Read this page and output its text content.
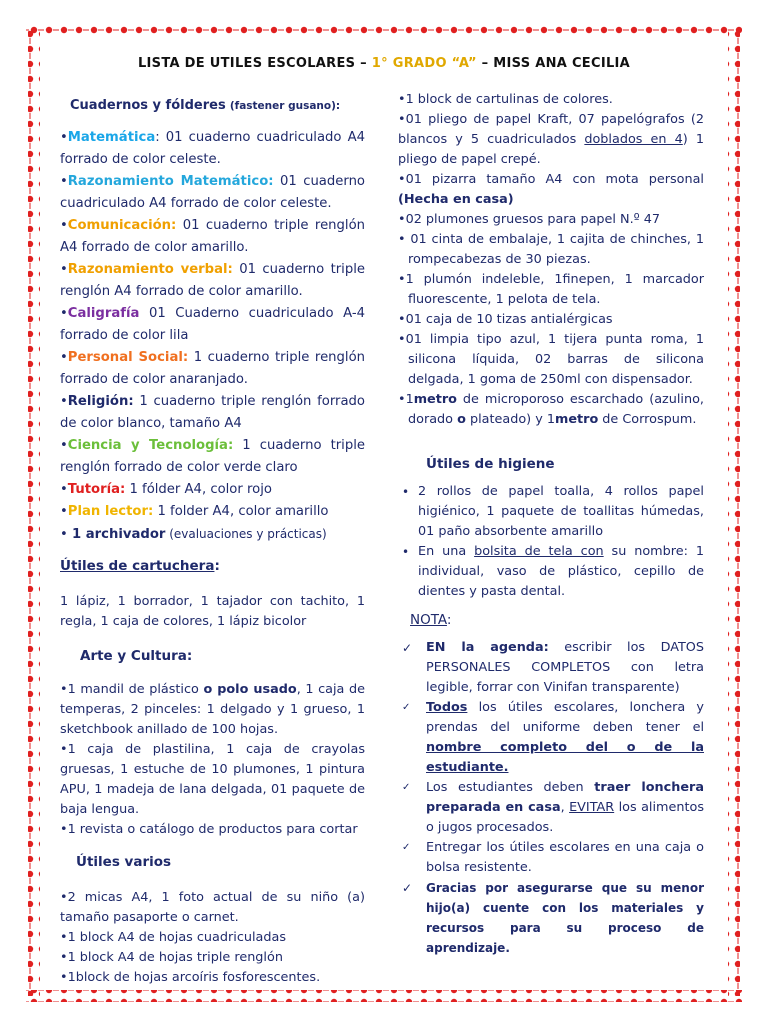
LISTA DE UTILES ESCOLARES – 1° GRADO “A” – MISS ANA CECILIA
Cuadernos y fólderes (fastener gusano):

•Matemática: 01 cuaderno cuadriculado A4 forrado de color celeste.

•Razonamiento Matemático: 01 cuaderno cuadriculado A4 forrado de color celeste.

•Comunicación: 01 cuaderno triple renglón A4 forrado de color amarillo.

•Razonamiento verbal: 01 cuaderno triple renglón A4 forrado de color amarillo.

•Caligrafía 01 Cuaderno cuadriculado A-4 forrado de color lila

•Personal Social: 1 cuaderno triple renglón forrado de color anaranjado.

•Religión: 1 cuaderno triple renglón forrado de color blanco, tamaño A4

•Ciencia y Tecnología: 1 cuaderno triple renglón forrado de color verde claro

•Tutoría: 1 fólder A4, color rojo

•Plan lector: 1 folder A4, color amarillo

• 1 archivador (evaluaciones y prácticas)

Útiles de cartuchera:

1 lápiz, 1 borrador, 1 tajador con tachito, 1 regla, 1 caja de colores, 1 lápiz bicolor

Arte y Cultura:

•1 mandil de plástico o polo usado, 1 caja de temperas, 2 pinceles: 1 delgado y 1 grueso, 1 sketchbook anillado de 100 hojas.

•1 caja de plastilina, 1 caja de crayolas gruesas, 1 estuche de 10 plumones, 1 pintura APU, 1 madeja de lana delgada, 01 paquete de baja lengua.

•1 revista o catálogo de productos para cortar

Útiles varios

•2 micas A4, 1 foto actual de su niño (a) tamaño pasaporte o carnet.

•1 block A4 de hojas cuadriculadas

•1 block A4 de hojas triple renglón

•1block de hojas arcoíris fosforescentes.

•1 block de cartulinas de colores.

•01 pliego de papel Kraft, 07 papelógrafos (2 blancos y 5 cuadriculados doblados en 4) 1 pliego de papel crepé.

•01 pizarra tamaño A4 con mota personal (Hecha en casa)

•02 plumones gruesos para papel N.º 47

• 01 cinta de embalaje, 1 cajita de chinches, 1 rompecabezas de 30 piezas.

•1 plumón indeleble, 1finepen, 1 marcador fluorescente, 1 pelota de tela.

•01 caja de 10 tizas antialérgicas

•01 limpia tipo azul, 1 tijera punta roma, 1 silicona líquida, 02 barras de silicona delgada, 1 goma de 250ml con dispensador.

•1metro de microporoso escarchado (azulino, dorado o plateado) y 1metro de Corrospum.

Útiles de higiene
• 2 rollos de papel toalla, 4 rollos papel higiénico, 1 paquete de toallitas húmedas, 01 paño absorbente amarillo
• En una bolsita de tela con su nombre: 1 individual, vaso de plástico, cepillo de dientes y pasta dental.
NOTA:
✓	EN la agenda: escribir los DATOS PERSONALES COMPLETOS con letra legible, forrar con Vinifan transparente)
✓	Todos los útiles escolares, lonchera y prendas del uniforme deben tener el nombre completo del o de la estudiante.
✓	Los estudiantes deben traer lonchera preparada en casa, EVITAR los alimentos o jugos procesados.
✓	Entregar los útiles escolares en una caja o bolsa resistente.
✓	Gracias por asegurarse que su menor hijo(a) cuente con los materiales y recursos para su proceso de aprendizaje.
